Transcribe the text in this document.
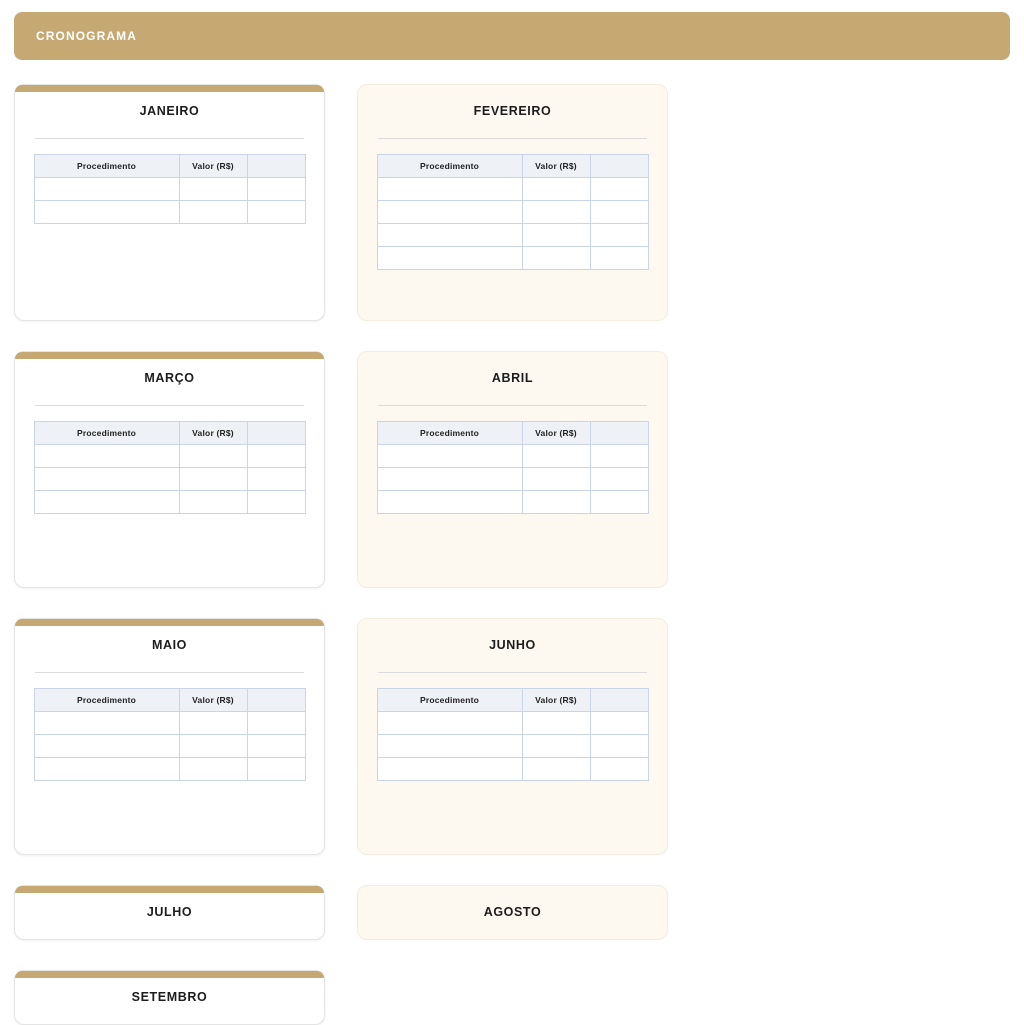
CRONOGRAMA
JANEIRO
Procedimento	Valor (R$)	

FEVEREIRO
Procedimento	Valor (R$)	

MARÇO
Procedimento	Valor (R$)	

ABRIL
Procedimento	Valor (R$)	

MAIO
Procedimento	Valor (R$)	

JUNHO
Procedimento	Valor (R$)	

JULHO	AGOSTO
SETEMBRO
